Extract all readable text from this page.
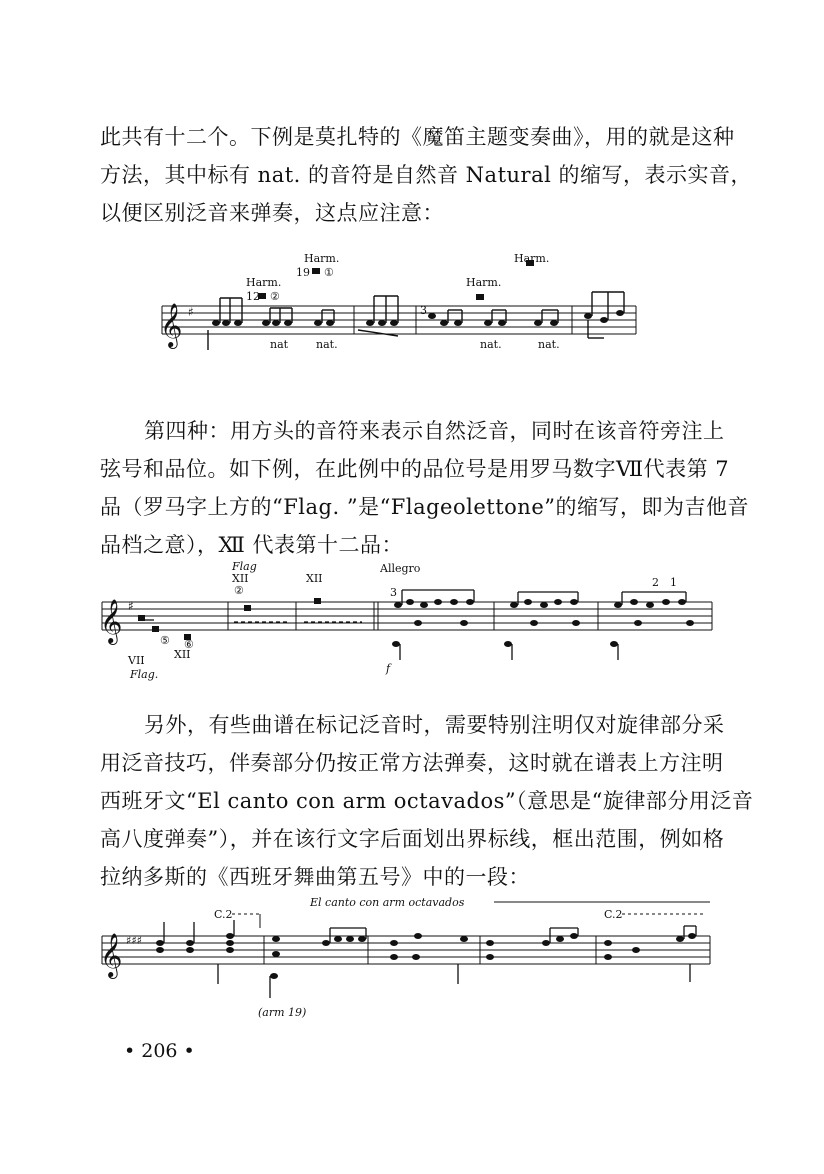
此共有十二个。下例是莫扎特的《魔笛主题变奏曲》，用的就是这种
方法，其中标有 nat. 的音符是自然音 Natural 的缩写，表示实音，
以便区别泛音来弹奏，这点应注意：
𝄞 ♯
Harm.
Harm.
Harm.
Harm.
12
19
②
①
3
nat	nat.	nat.	nat.
第四种：用方头的音符来表示自然泛音，同时在该音符旁注上
弦号和品位。如下例，在此例中的品位号是用罗马数字Ⅶ代表第 7
品（罗马字上方的“Flag. ”是“Flageolettone”的缩写，即为吉他音
品档之意），Ⅻ 代表第十二品：
𝄞 ♯
Flag
XII
②
XII
VII
Flag.
XII
⑤ ⑥
Allegro
f
3
2 1
另外，有些曲谱在标记泛音时，需要特别注明仅对旋律部分采
用泛音技巧，伴奏部分仍按正常方法弹奏，这时就在谱表上方注明
西班牙文“El canto con arm octavados”（意思是“旋律部分用泛音
高八度弹奏”），并在该行文字后面划出界标线，框出范围，例如格
拉纳多斯的《西班牙舞曲第五号》中的一段：
El canto con arm octavados
𝄞 ♯♯♯
C.2	C.2
(arm 19)
• 206 •
